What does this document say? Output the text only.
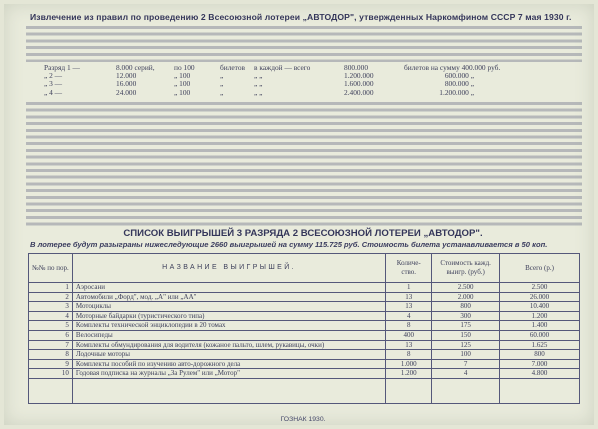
Извлечение из правил по проведению 2 Всесоюзной лотереи „АВТОДОР", утвержденных Наркомфином СССР 7 мая 1930 г.
Разряд 1 —	8.000 серий,	по 100	билетов	в каждой — всего	800.000	билетов на сумму 400.000 руб.
„ 2 —	12.000	„ 100	„	„ „	1.200.000	600.000 „
„ 3 —	16.000	„ 100	„	„ „	1.600.000	800.000 „
„ 4 —	24.000	„ 100	„	„ „	2.400.000	1.200.000 „
СПИСОК ВЫИГРЫШЕЙ 3 РАЗРЯДА 2 ВСЕСОЮЗНОЙ ЛОТЕРЕИ „АВТОДОР".
В лотерее будут разыграны нижеследующие 2660 выигрышей на сумму 115.725 руб. Стоимость билета устанавливается в 50 коп.
№№ по пор.	НАЗВАНИЕ ВЫИГРЫШЕЙ.	Количе- ство.	Стоимость кажд. выигр. (руб.)	Всего (р.)
1	Аэросани	1	2.500	2.500
2	Автомобили „Форд", мод. „А" или „АА"	13	2.000	26.000
3	Мотоциклы	13	800	10.400
4	Моторные байдарки (туристического типа)	4	300	1.200
5	Комплекты технической энциклопедии в 20 томах	8	175	1.400
6	Велосипеды	400	150	60.000
7	Комплекты обмундирования для водителя (кожаное пальто, шлем, рукавицы, очки)	13	125	1.625
8	Лодочные моторы	8	100	800
9	Комплекты пособий по изучению авто-дорожного дела	1.000	7	7.000
10	Годовая подписка на журналы „За Рулем" или „Мотор"	1.200	4	4.800

ГОЗНАК 1930.
